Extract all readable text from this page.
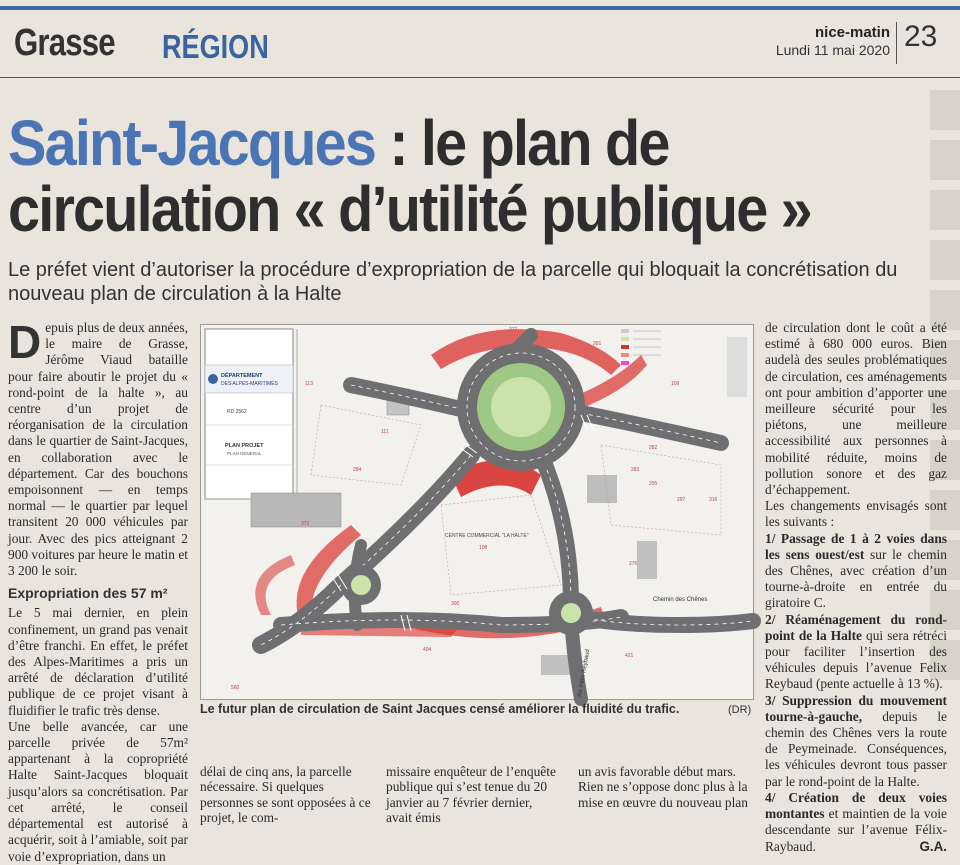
Grasse RÉGION	nice-matin
Lundi 11 mai 2020 23
Saint-Jacques : le plan de circulation « d’utilité publique »
Le préfet vient d’autoriser la procédure d’expropriation de la parcelle qui bloquait la concrétisation du nouveau plan de circulation à la Halte

Depuis plus de deux années, le maire de Grasse, Jérôme Viaud bataille pour faire aboutir le projet du « rond-point de la halte », au centre d’un projet de réorganisation de la circulation dans le quartier de Saint-Jacques, en collaboration avec le département. Car des bouchons empoisonnent — en temps normal — le quartier par lequel transitent 20 000 véhicules par jour. Avec des pics atteignant 2 900 voitures par heure le matin et 3 200 le soir.

Expropriation des 57 m²

Le 5 mai dernier, en plein confinement, un grand pas venait d’être franchi. En effet, le préfet des Alpes-Maritimes a pris un arrêté de déclaration d’utilité publique de ce projet visant à fluidifier le trafic très dense.

Une belle avancée, car une parcelle privée de 57m² appartenant à la copropriété Halte Saint-Jacques bloquait jusqu’alors sa concrétisation. Par cet arrêté, le conseil départemental est autorisé à acquérir, soit à l’amiable, soit par voie d’expropriation, dans un

DÉPARTEMENT
DES ALPES-MARITIMES
RD 2562
PLAN PROJET
PLAN GENERAL
CENTRE COMMERCIAL "LA HALTE"
Chemin des Chênes
Av. Félix Reybaud
277
113
111
284	283
282
295
297	316
108
300
276
373
404
421
560
109
291
Le futur plan de circulation de Saint Jacques censé améliorer la fluidité du trafic.	(DR)
délai de cinq ans, la parcelle nécessaire. Si quelques personnes se sont opposées à ce projet, le com-
missaire enquêteur de l’enquête publique qui s’est tenue du 20 janvier au 7 février dernier, avait émis
un avis favorable début mars. Rien ne s’oppose donc plus à la mise en œuvre du nouveau plan

de circulation dont le coût a été estimé à 680 000 euros. Bien audelà des seules problématiques de circulation, ces aménagements ont pour ambition d’apporter une meilleure sécurité pour les piétons, une meilleure accessibilité aux personnes à mobilité réduite, moins de pollution sonore et des gaz d’échappement.

Les changements envisagés sont les suivants :

1/ Passage de 1 à 2 voies dans les sens ouest/est sur le chemin des Chênes, avec création d’un tourne-à-droite en entrée du giratoire C.

2/ Réaménagement du rond-point de la Halte qui sera rétréci pour faciliter l’insertion des véhicules depuis l’avenue Felix Reybaud (pente actuelle à 13 %).

3/ Suppression du mouvement tourne-à-gauche, depuis le chemin des Chênes vers la route de Peymeinade. Conséquences, les véhicules devront tous passer par le rond-point de la Halte.

4/ Création de deux voies montantes et maintien de la voie descendante sur l’avenue Félix-Raybaud.	G.A.
